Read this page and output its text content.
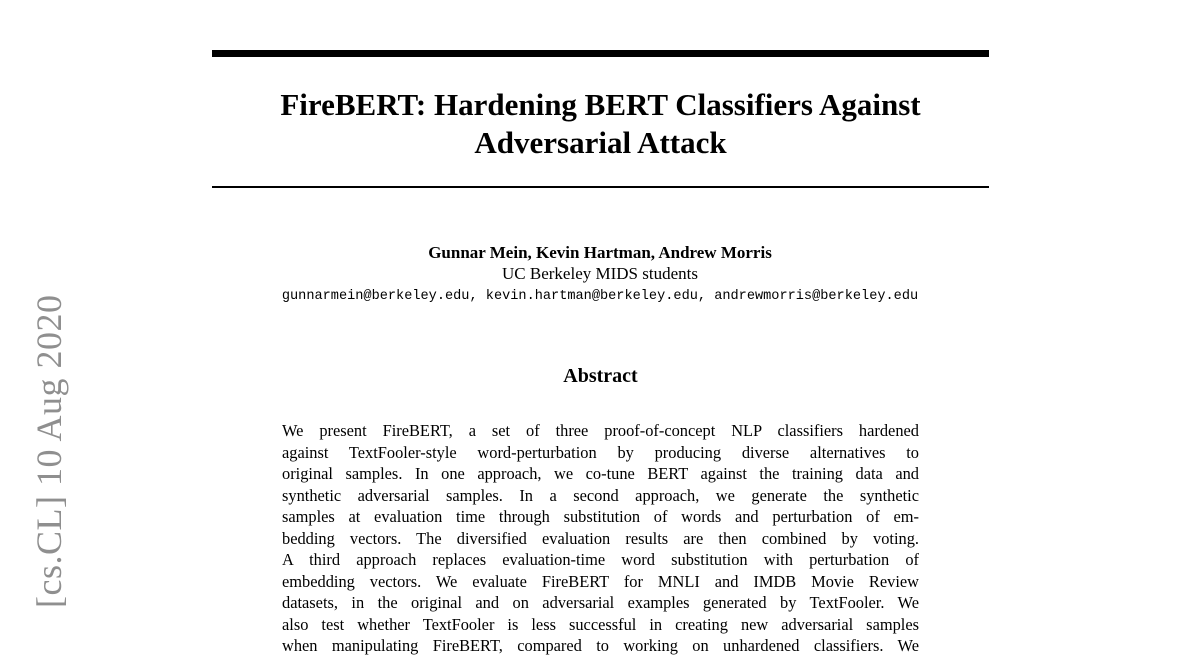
[cs.CL] 10 Aug 2020
FireBERT: Hardening BERT Classifiers Against
Adversarial Attack
Gunnar Mein, Kevin Hartman, Andrew Morris
UC Berkeley MIDS students
gunnarmein@berkeley.edu, kevin.hartman@berkeley.edu, andrewmorris@berkeley.edu
Abstract
We present FireBERT, a set of three proof-of-concept NLP classifiers hardened
against TextFooler-style word-perturbation by producing diverse alternatives to
original samples. In one approach, we co-tune BERT against the training data and
synthetic adversarial samples. In a second approach, we generate the synthetic
samples at evaluation time through substitution of words and perturbation of em-
bedding vectors. The diversified evaluation results are then combined by voting.
A third approach replaces evaluation-time word substitution with perturbation of
embedding vectors. We evaluate FireBERT for MNLI and IMDB Movie Review
datasets, in the original and on adversarial examples generated by TextFooler. We
also test whether TextFooler is less successful in creating new adversarial samples
when manipulating FireBERT, compared to working on unhardened classifiers. We
